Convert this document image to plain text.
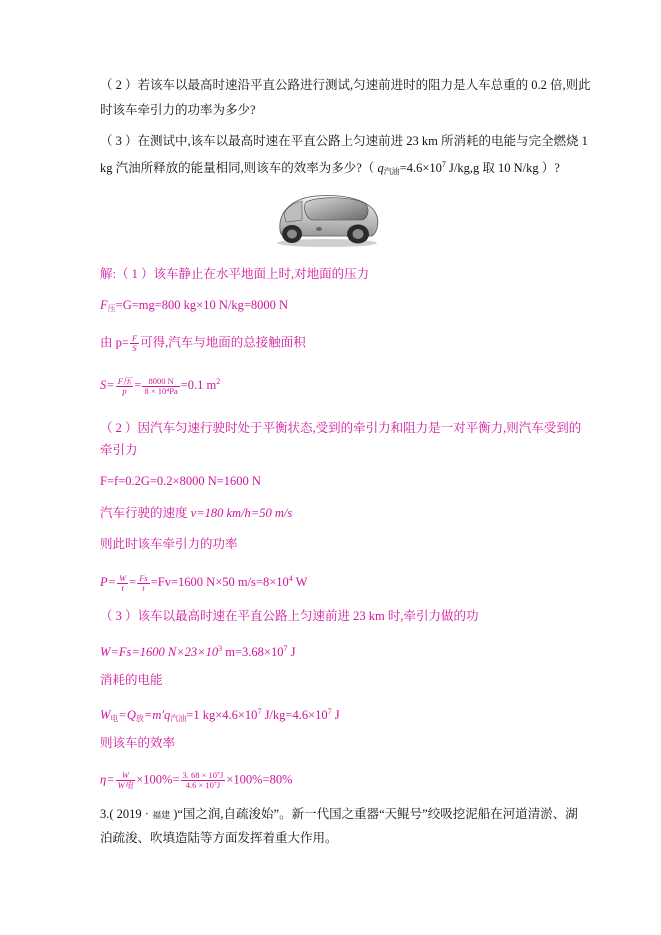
（ 2 ）若该车以最高时速沿平直公路进行测试,匀速前进时的阻力是人车总重的 0.2 倍,则此
时该车牵引力的功率为多少?
（ 3 ）在测试中,该车以最高时速在平直公路上匀速前进 23 km 所消耗的电能与完全燃烧 1
kg 汽油所释放的能量相同,则该车的效率为多少?（ $q_{汽油}=4.6\times 10^7$ J/kg,g 取 10 N/kg ）?
解:（ 1 ）该车静止在水平地面上时,对地面的压力
$F_压=G=mg=800$ kg×10 N/kg=8000 N
由 $p= \frac{F}{S}$ 可得,汽车与地面的总接触面积
$S= \frac{\text{F压}}{p} = \frac{8000 N}{\text{8 × 10⁴Pa}} =0.1$ $m^2$
（ 2 ）因汽车匀速行驶时处于平衡状态,受到的牵引力和阻力是一对平衡力,则汽车受到的
牵引力
F=f=0.2G=0.2×8000 N=1600 N
汽车行驶的速度 v=180 km/h=50 m/s
则此时该车牵引力的功率
$P= \frac{W}{t} = \frac{Fs}{t} =Fv=1600$ N×50 $m/s=8\times 10^4$ W
（ 3 ）该车以最高时速在平直公路上匀速前进 23 km 时,牵引力做的功
W=Fs=1600 $N\times 23\times 10^3$ $m=3.68\times 10^7$ J
消耗的电能
$W_电=Q_放=m'q_{汽油}=1$ $kg\times 4.6\times 10^7$ $J/kg=4.6\times 10^7$ J
则该车的效率
$\eta= \frac{W}{\text{W电}} \times 100\%= \frac{\text{3. 68 × 10⁷J}}{\text{4.6 × 10⁷J}} \times 100\%=80\%$
3.( 2019 · 福建 )“国之润,自疏浚始”。新一代国之重器“天鲲号”绞吸挖泥船在河道清淤、湖
泊疏浚、吹填造陆等方面发挥着重大作用。
